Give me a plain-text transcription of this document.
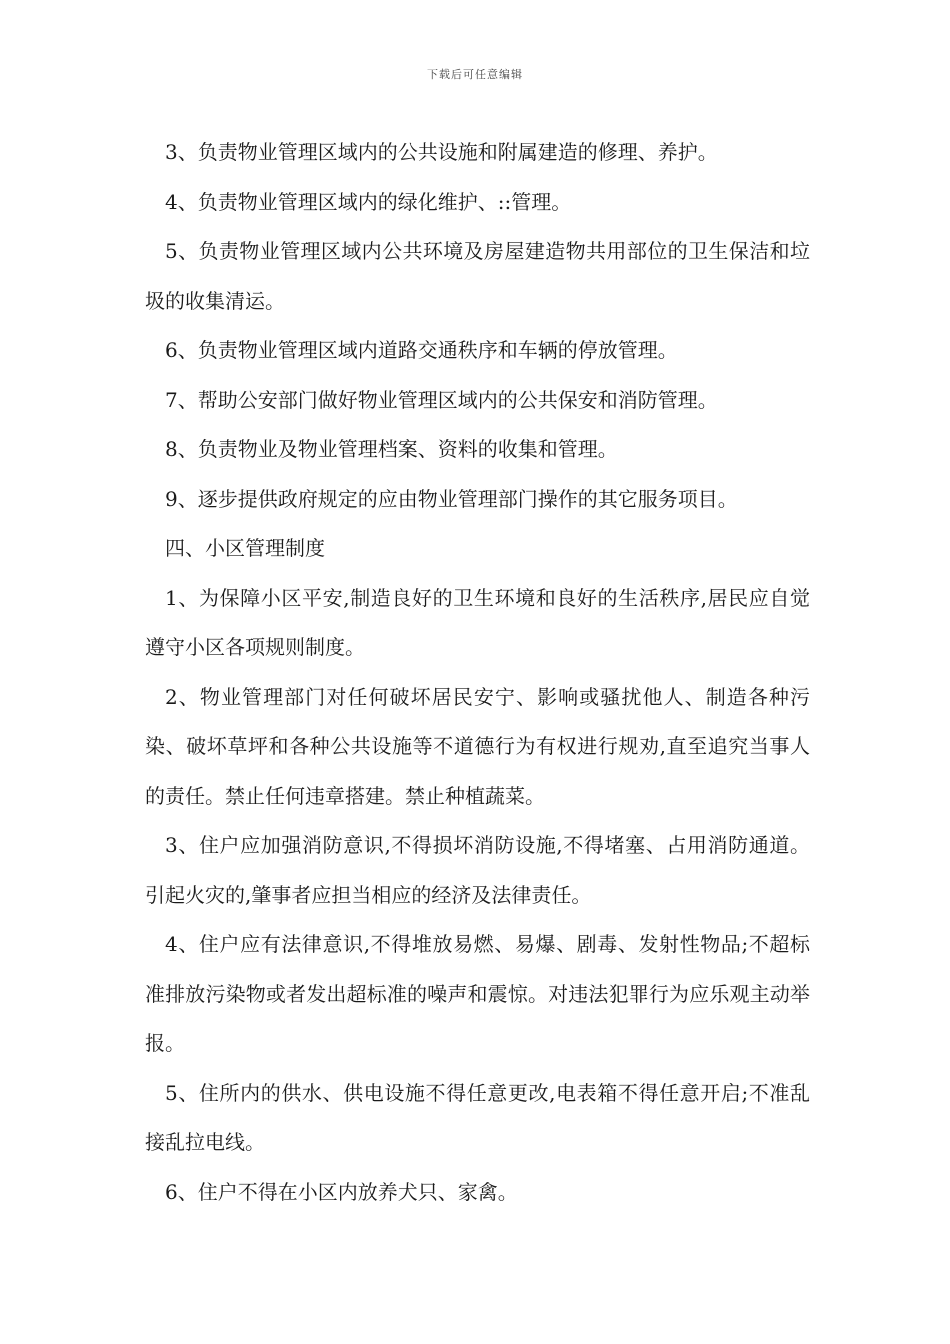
下载后可任意编辑

3、负责物业管理区域内的公共设施和附属建造的修理、养护。

4、负责物业管理区域内的绿化维护、::管理。

5、负责物业管理区域内公共环境及房屋建造物共用部位的卫生保洁和垃圾的收集清运。

6、负责物业管理区域内道路交通秩序和车辆的停放管理。

7、帮助公安部门做好物业管理区域内的公共保安和消防管理。

8、负责物业及物业管理档案、资料的收集和管理。

9、逐步提供政府规定的应由物业管理部门操作的其它服务项目。

四、小区管理制度

1、为保障小区平安,制造良好的卫生环境和良好的生活秩序,居民应自觉遵守小区各项规则制度。

2、物业管理部门对任何破坏居民安宁、影响或骚扰他人、制造各种污染、破坏草坪和各种公共设施等不道德行为有权进行规劝,直至追究当事人的责任。禁止任何违章搭建。禁止种植蔬菜。

3、住户应加强消防意识,不得损坏消防设施,不得堵塞、占用消防通道。引起火灾的,肇事者应担当相应的经济及法律责任。

4、住户应有法律意识,不得堆放易燃、易爆、剧毒、发射性物品;不超标准排放污染物或者发出超标准的噪声和震惊。对违法犯罪行为应乐观主动举报。

5、住所内的供水、供电设施不得任意更改,电表箱不得任意开启;不准乱接乱拉电线。

6、住户不得在小区内放养犬只、家禽。
